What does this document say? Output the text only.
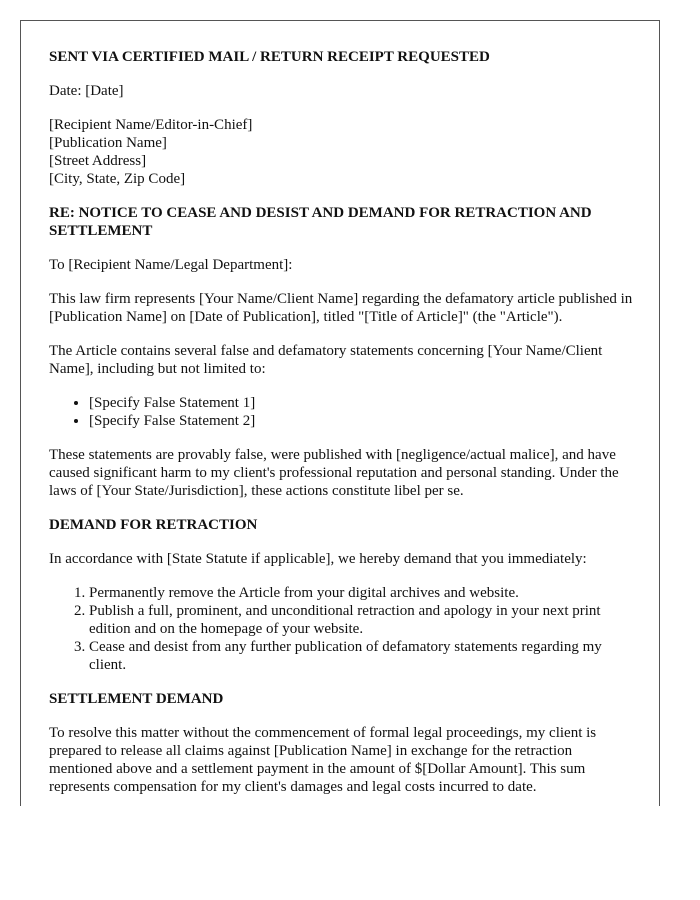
SENT VIA CERTIFIED MAIL / RETURN RECEIPT REQUESTED

Date: [Date]

[Recipient Name/Editor-in-Chief]
[Publication Name]
[Street Address]
[City, State, Zip Code]
RE: NOTICE TO CEASE AND DESIST AND DEMAND FOR RETRACTION AND SETTLEMENT

To [Recipient Name/Legal Department]:

This law firm represents [Your Name/Client Name] regarding the defamatory article published in [Publication Name] on [Date of Publication], titled "[Title of Article]" (the "Article").

The Article contains several false and defamatory statements concerning [Your Name/Client Name], including but not limited to:

• [Specify False Statement 1]
• [Specify False Statement 2]

These statements are provably false, were published with [negligence/actual malice], and have caused significant harm to my client's professional reputation and personal standing. Under the laws of [Your State/Jurisdiction], these actions constitute libel per se.

DEMAND FOR RETRACTION

In accordance with [State Statute if applicable], we hereby demand that you immediately:

1. Permanently remove the Article from your digital archives and website.
2. Publish a full, prominent, and unconditional retraction and apology in your next print edition and on the homepage of your website.
3. Cease and desist from any further publication of defamatory statements regarding my client.
SETTLEMENT DEMAND

To resolve this matter without the commencement of formal legal proceedings, my client is prepared to release all claims against [Publication Name] in exchange for the retraction mentioned above and a settlement payment in the amount of $[Dollar Amount]. This sum represents compensation for my client's damages and legal costs incurred to date.
